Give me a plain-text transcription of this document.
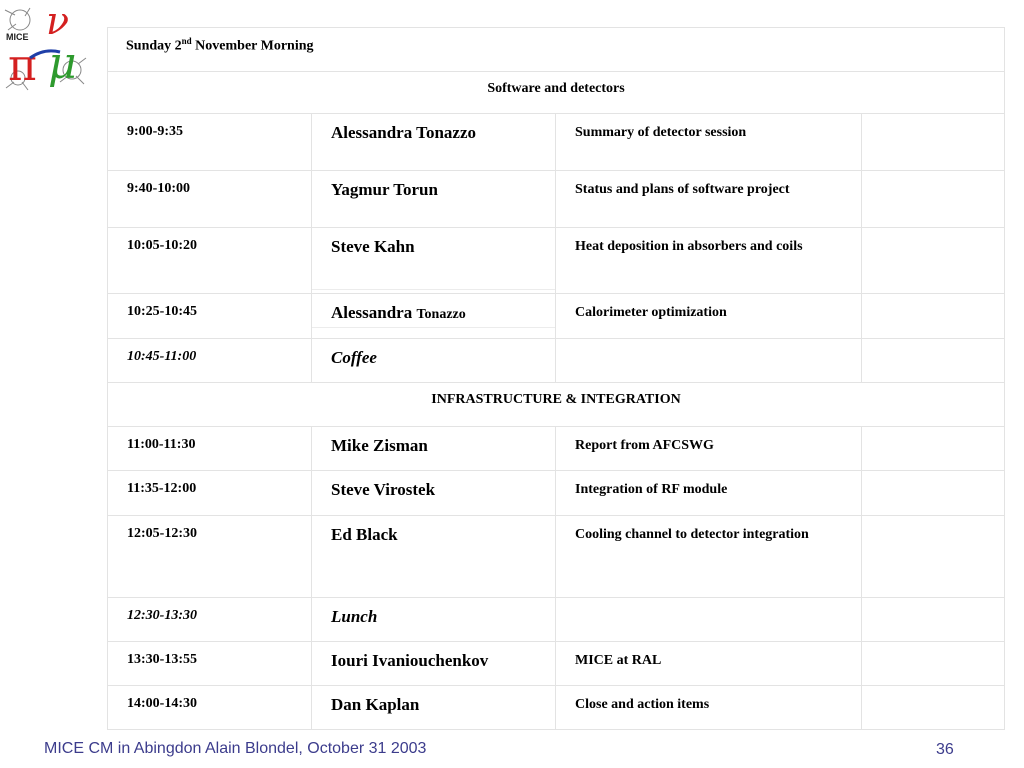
MICE
π
ν
μ	Sunday 2nd November Morning			
Software and detectors			
9:00-9:35	Alessandra Tonazzo	Summary of detector session	
9:40-10:00	Yagmur Torun	Status and plans of software project	
10:05-10:20	Steve Kahn	Heat deposition in absorbers and coils	
10:25-10:45	Alessandra Tonazzo	Calorimeter optimization	
10:45-11:00	Coffee		
INFRASTRUCTURE & INTEGRATION			
11:00-11:30	Mike Zisman	Report from AFCSWG	
11:35-12:00	Steve Virostek	Integration of RF module	
12:05-12:30	Ed Black	Cooling channel to detector integration	
12:30-13:30	Lunch		
13:30-13:55	Iouri Ivaniouchenkov	MICE at RAL	
14:00-14:30	Dan Kaplan	Close and action items	
MICE CM in Abingdon Alain Blondel, October 31 2003	36
